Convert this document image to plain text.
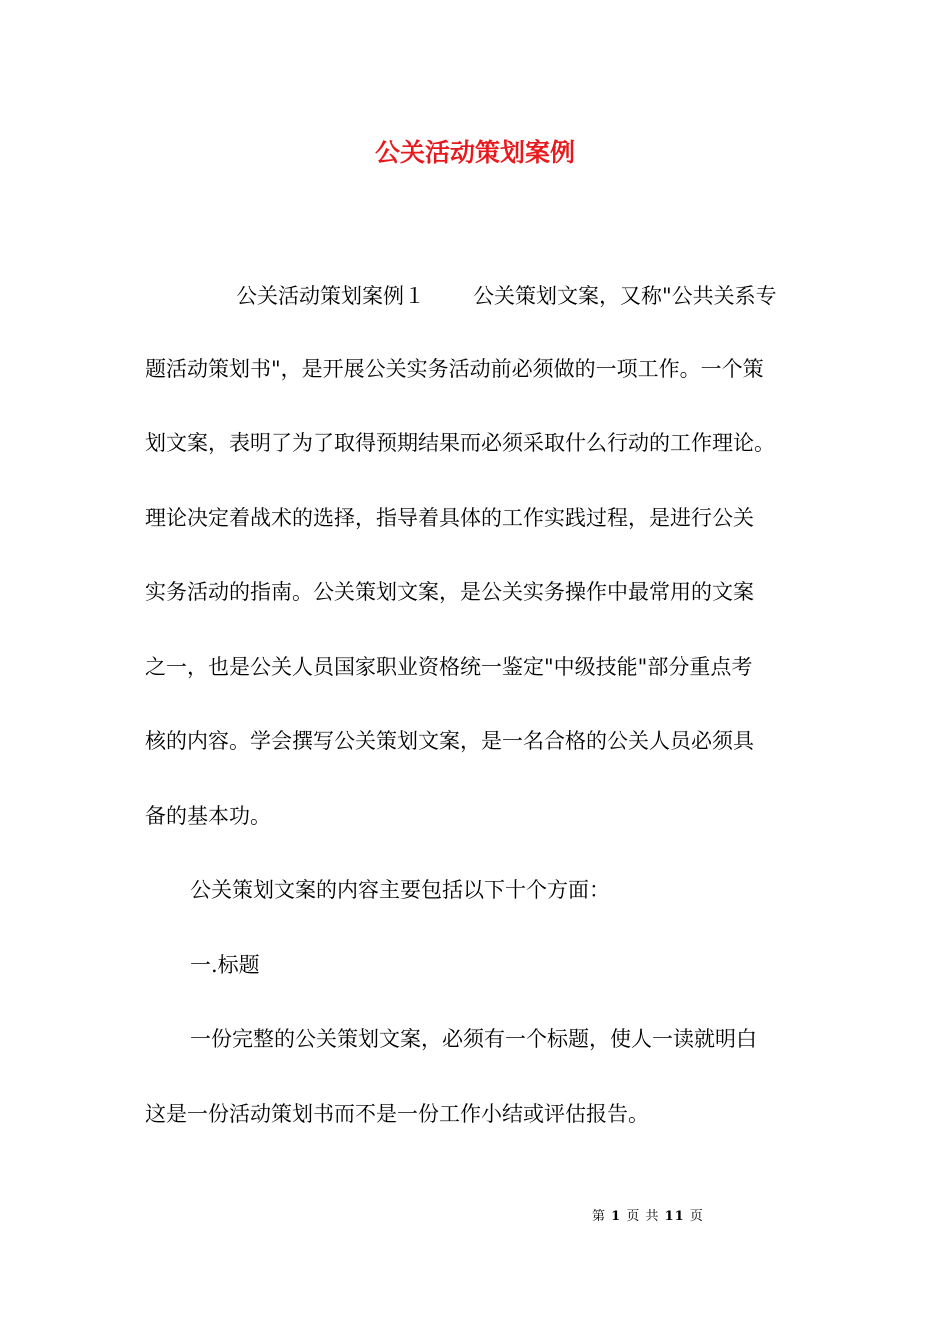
公关活动策划案例
公关活动策划案例１ 公关策划文案，又称"公共关系专
题活动策划书"，是开展公关实务活动前必须做的一项工作。一个策
划文案，表明了为了取得预期结果而必须采取什么行动的工作理论。
理论决定着战术的选择，指导着具体的工作实践过程，是进行公关
实务活动的指南。公关策划文案，是公关实务操作中最常用的文案
之一，也是公关人员国家职业资格统一鉴定"中级技能"部分重点考
核的内容。学会撰写公关策划文案，是一名合格的公关人员必须具
备的基本功。
公关策划文案的内容主要包括以下十个方面：
一.标题
一份完整的公关策划文案，必须有一个标题，使人一读就明白
这是一份活动策划书而不是一份工作小结或评估报告。
第 1 页 共 11 页
